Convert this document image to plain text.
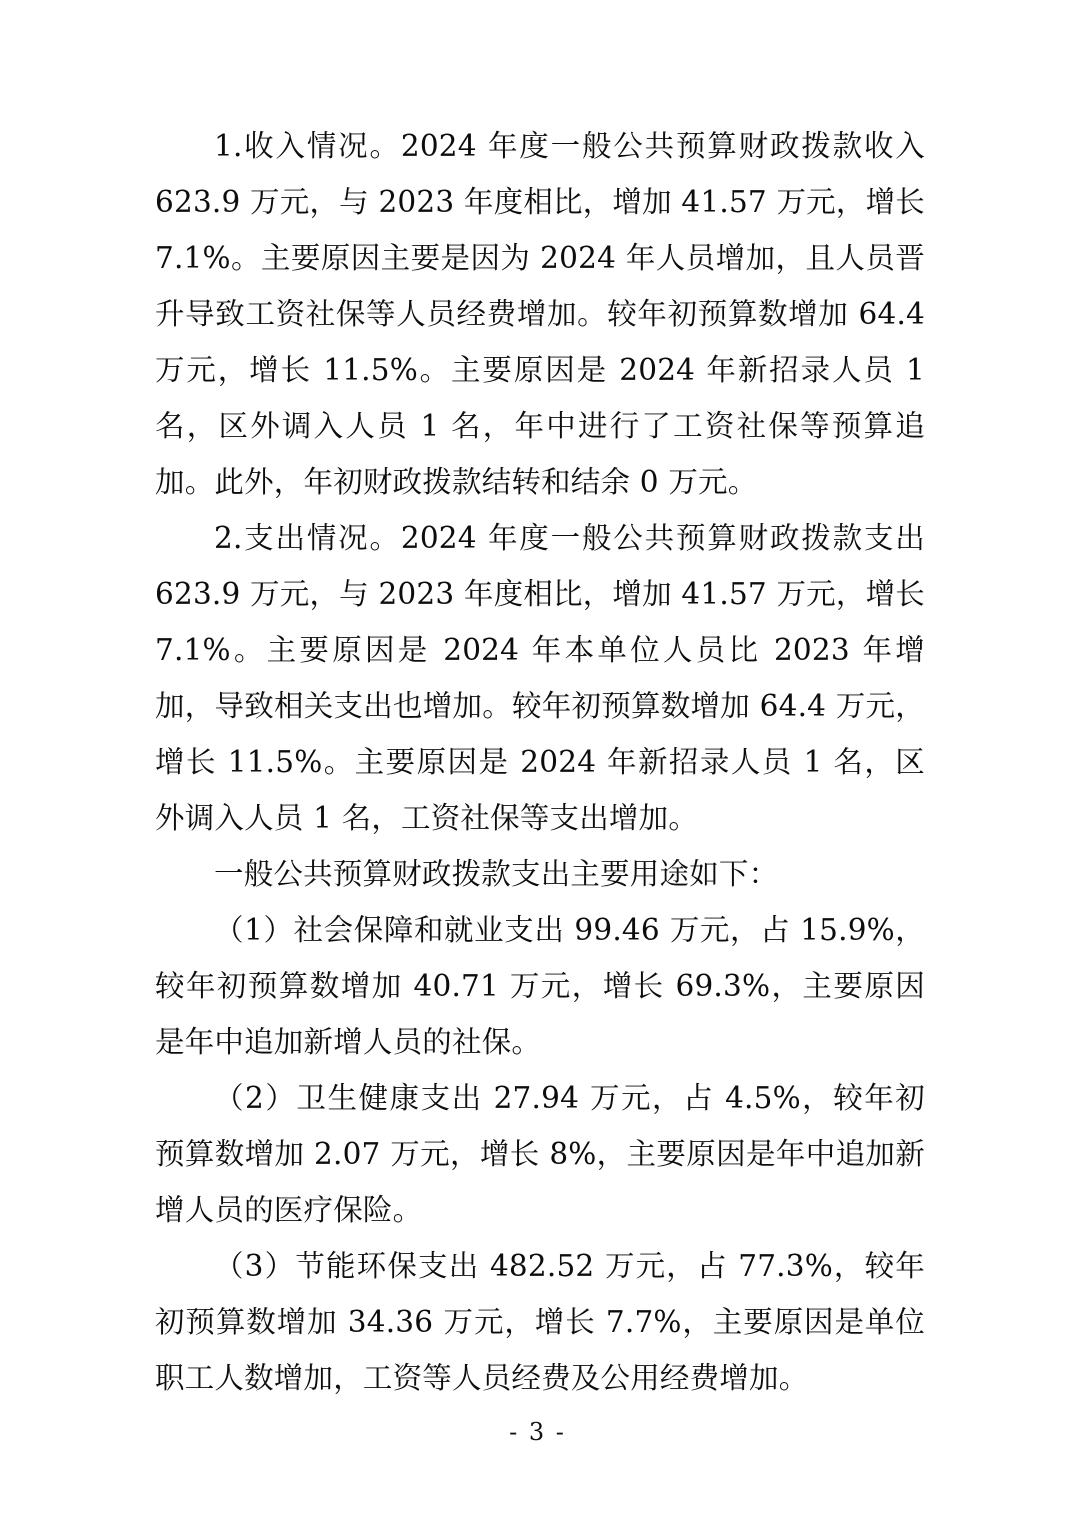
1.收入情况。2024 年度一般公共预算财政拨款收入 623.9 万元，与 2023 年度相比，增加 41.57 万元，增长 7.1%。主要原因主要是因为 2024 年人员增加，且人员晋升导致工资社保等人员经费增加。较年初预算数增加 64.4 万元，增长 11.5%。主要原因是 2024 年新招录人员 1 名，区外调入人员 1 名，年中进行了工资社保等预算追加。此外，年初财政拨款结转和结余 0 万元。

2.支出情况。2024 年度一般公共预算财政拨款支出 623.9 万元，与 2023 年度相比，增加 41.57 万元，增长 7.1%。主要原因是 2024 年本单位人员比 2023 年增加，导致相关支出也增加。较年初预算数增加 64.4 万元，增长 11.5%。主要原因是 2024 年新招录人员 1 名，区外调入人员 1 名，工资社保等支出增加。

一般公共预算财政拨款支出主要用途如下：

（1）社会保障和就业支出 99.46 万元，占 15.9%，较年初预算数增加 40.71 万元，增长 69.3%，主要原因是年中追加新增人员的社保。

（2）卫生健康支出 27.94 万元，占 4.5%，较年初预算数增加 2.07 万元，增长 8%，主要原因是年中追加新增人员的医疗保险。

（3）节能环保支出 482.52 万元，占 77.3%，较年初预算数增加 34.36 万元，增长 7.7%，主要原因是单位职工人数增加，工资等人员经费及公用经费增加。

- 3 -
